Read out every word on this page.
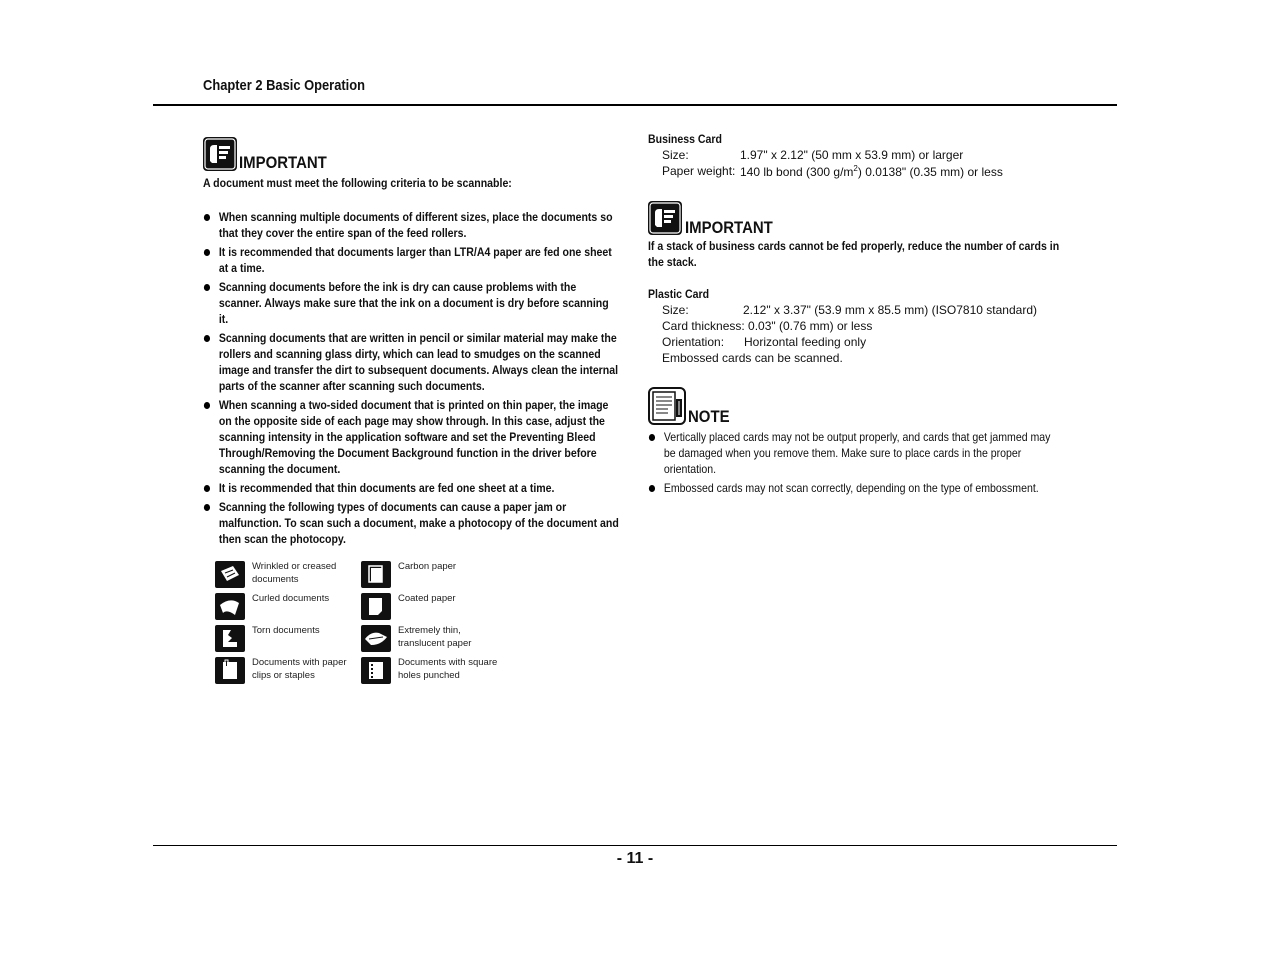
Chapter 2 Basic Operation
IMPORTANT
A document must meet the following criteria to be scannable:
When scanning multiple documents of different sizes, place the documents so that they cover the entire span of the feed rollers.
It is recommended that documents larger than LTR/A4 paper are fed one sheet at a time.
Scanning documents before the ink is dry can cause problems with the scanner. Always make sure that the ink on a document is dry before scanning it.
Scanning documents that are written in pencil or similar material may make the rollers and scanning glass dirty, which can lead to smudges on the scanned image and transfer the dirt to subsequent documents. Always clean the internal parts of the scanner after scanning such documents.
When scanning a two-sided document that is printed on thin paper, the image on the opposite side of each page may show through. In this case, adjust the scanning intensity in the application software and set the Preventing Bleed Through/Removing the Document Background function in the driver before scanning the document.
It is recommended that thin documents are fed one sheet at a time.
Scanning the following types of documents can cause a paper jam or malfunction. To scan such a document, make a photocopy of the document and then scan the photocopy.
Wrinkled or creased
documents
Carbon paper

Curled documents	Coated paper

Torn documents	Extremely thin,
translucent paper
Documents with paper
clips or staples
Documents with square
holes punched
Business Card
Size:	1.97" x 2.12" (50 mm x 53.9 mm) or larger
Paper weight: 140 lb bond (300 $g/m^2$) 0.0138" (0.35 mm) or less
IMPORTANT
If a stack of business cards cannot be fed properly, reduce the number of cards in the stack.
Plastic Card
Size:	2.12" x 3.37" (53.9 mm x 85.5 mm) (ISO7810 standard)
Card thickness: 0.03" (0.76 mm) or less
Orientation: Horizontal feeding only
Embossed cards can be scanned.
NOTE
Vertically placed cards may not be output properly, and cards that get jammed may be damaged when you remove them. Make sure to place cards in the proper orientation.
Embossed cards may not scan correctly, depending on the type of embossment.
- 11 -
